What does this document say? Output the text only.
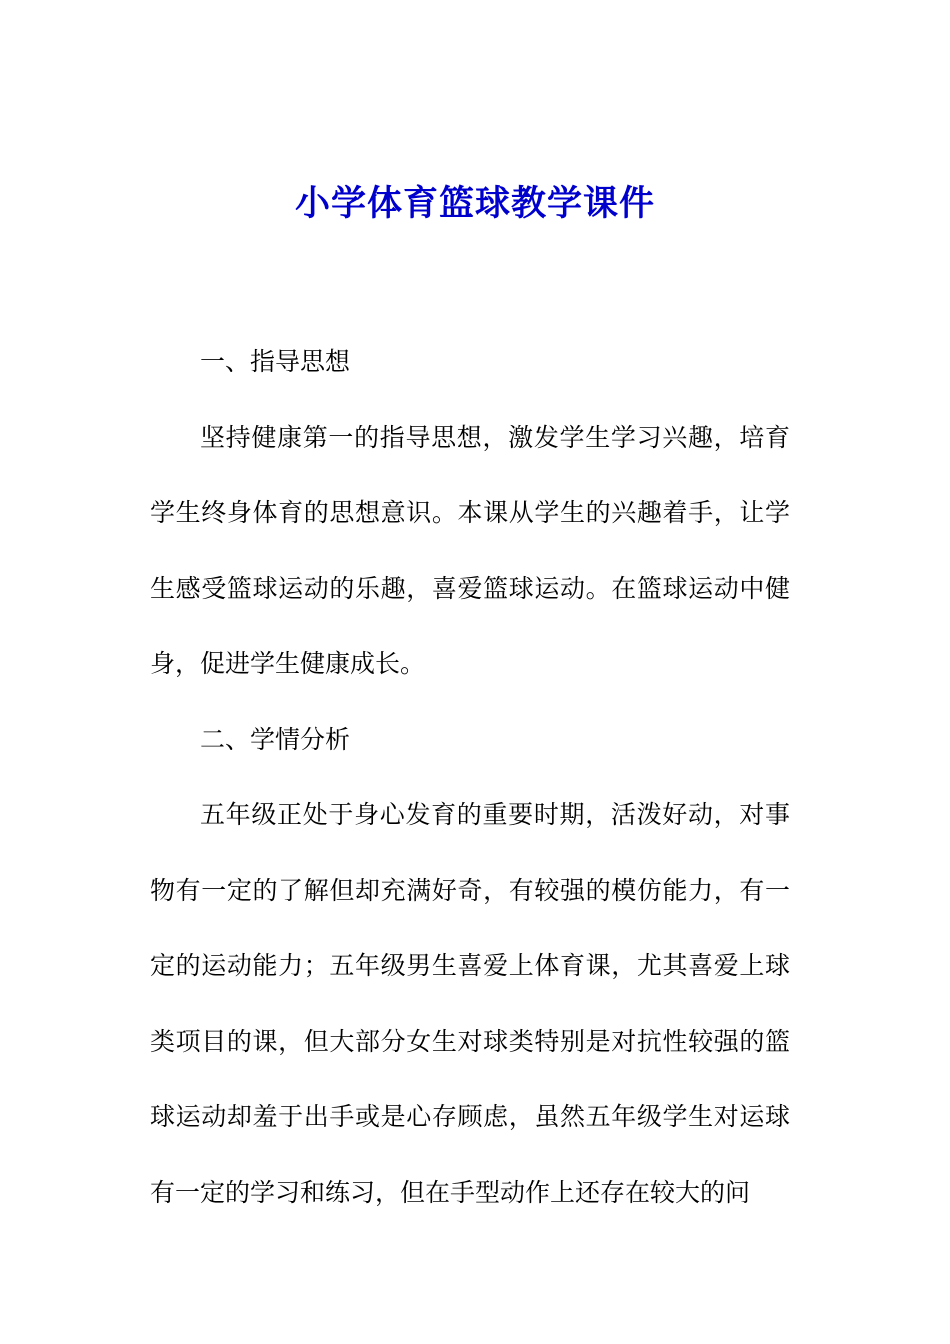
小学体育篮球教学课件

一、指导思想

坚持健康第一的指导思想，激发学生学习兴趣，培育学生终身体育的思想意识。本课从学生的兴趣着手，让学生感受篮球运动的乐趣，喜爱篮球运动。在篮球运动中健身，促进学生健康成长。

二、学情分析

五年级正处于身心发育的重要时期，活泼好动，对事物有一定的了解但却充满好奇，有较强的模仿能力，有一定的运动能力；五年级男生喜爱上体育课，尤其喜爱上球类项目的课，但大部分女生对球类特别是对抗性较强的篮球运动却羞于出手或是心存顾虑，虽然五年级学生对运球有一定的学习和练习，但在手型动作上还存在较大的问
